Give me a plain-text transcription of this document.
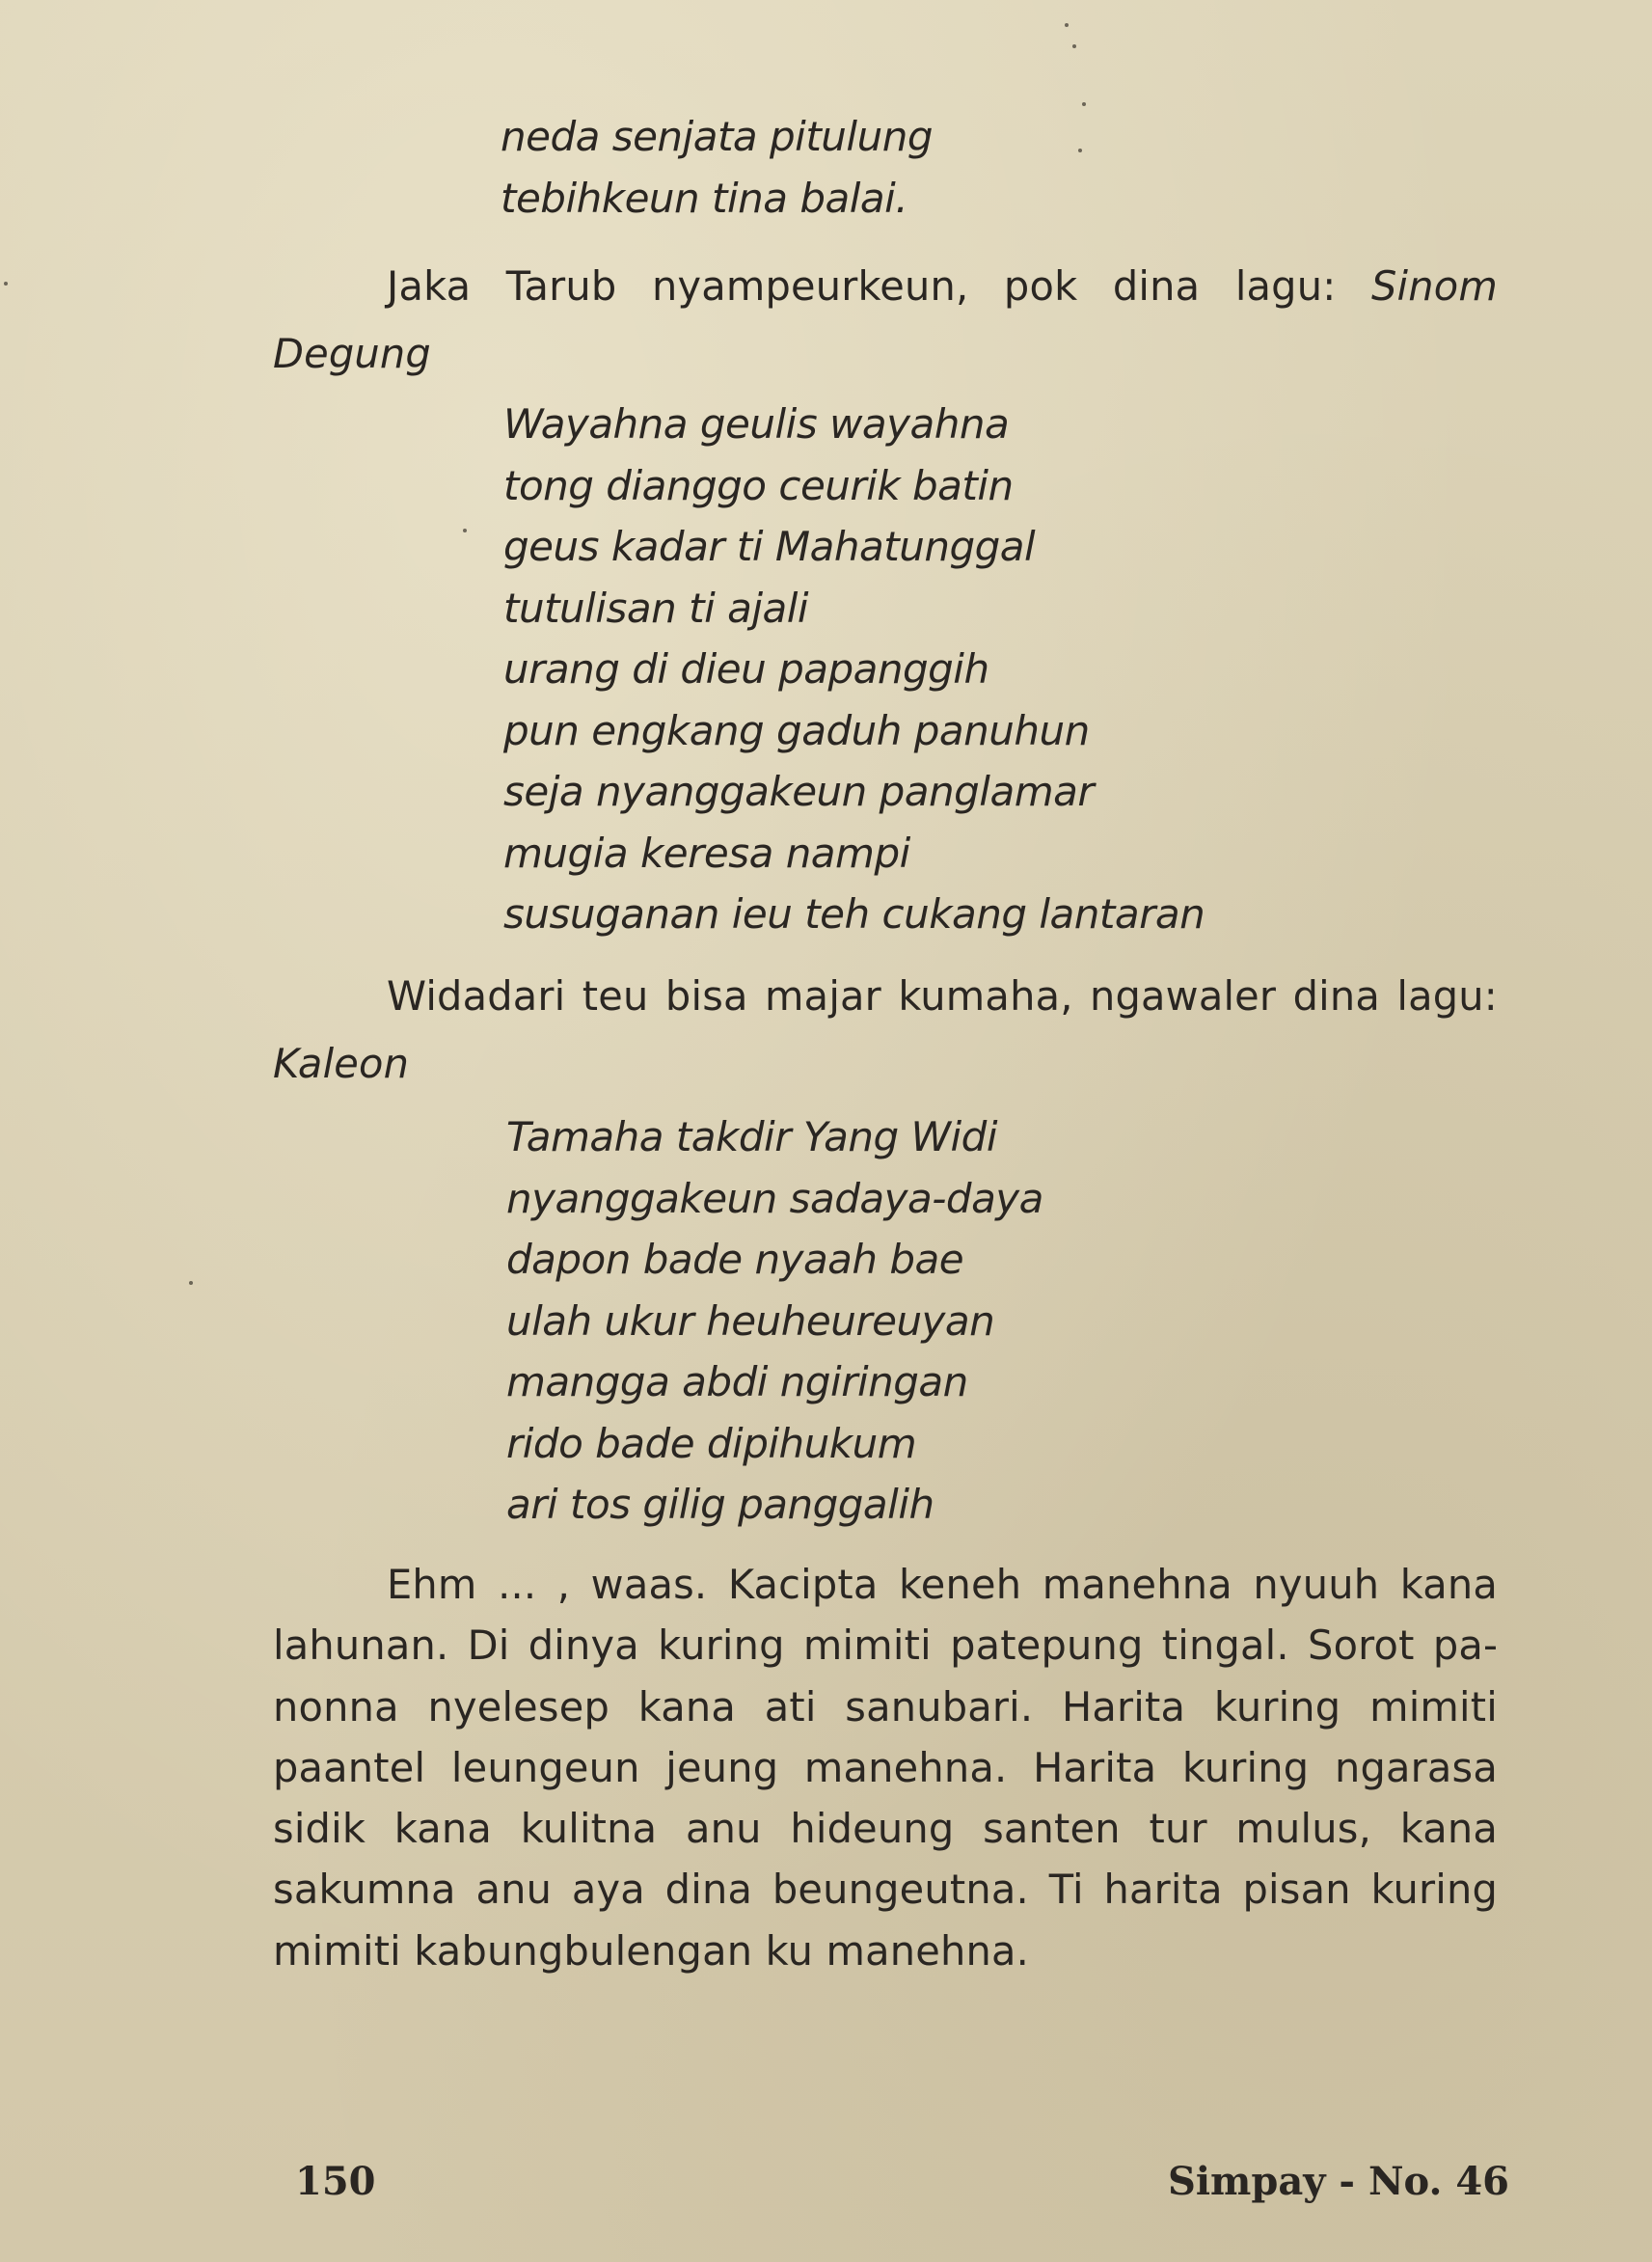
neda senjata pitulung
tebihkeun tina balai.

Jaka Tarub nyampeurkeun, pok dina lagu: Sinom Degung

Wayahna geulis wayahna
tong dianggo ceurik batin
geus kadar ti Mahatunggal
tutulisan ti ajali
urang di dieu papanggih
pun engkang gaduh panuhun
seja nyanggakeun panglamar
mugia keresa nampi
susuganan ieu teh cukang lantaran

Widadari teu bisa majar kumaha, ngawaler dina lagu: Kaleon

Tamaha takdir Yang Widi
nyanggakeun sadaya-daya
dapon bade nyaah bae
ulah ukur heuheureuyan
mangga abdi ngiringan
rido bade dipihukum
ari tos gilig panggalih

Ehm ... , waas. Kacipta keneh manehna nyuuh kana lahunan. Di dinya kuring mimiti patepung tingal. Sorot panonna nyelesep kana ati sanubari. Harita kuring mimiti paantel leungeun jeung manehna. Harita kuring ngarasa sidik kana kulitna anu hideung santen tur mulus, kana sakumna anu aya dina beungeutna. Ti harita pisan kuring mimiti kabungbulengan ku manehna.

150	Simpay - No. 46
